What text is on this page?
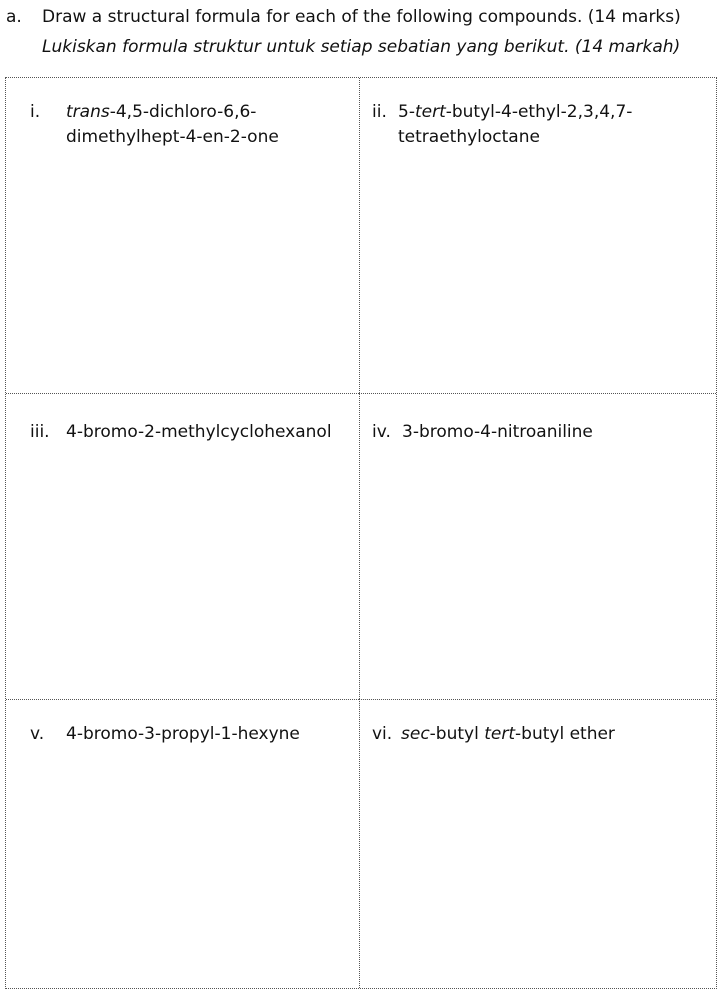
a. Draw a structural formula for each of the following compounds. (14 marks)
Lukiskan formula struktur untuk setiap sebatian yang berikut. (14 markah)
i. trans-4,5-dichloro-6,6-
dimethylhept-4-en-2-one
ii. 5-tert-butyl-4-ethyl-2,3,4,7-
tetraethyloctane
iii. 4-bromo-2-methylcyclohexanol	iv. 3-bromo-4-nitroaniline
v. 4-bromo-3-propyl-1-hexyne	vi. sec-butyl tert-butyl ether
